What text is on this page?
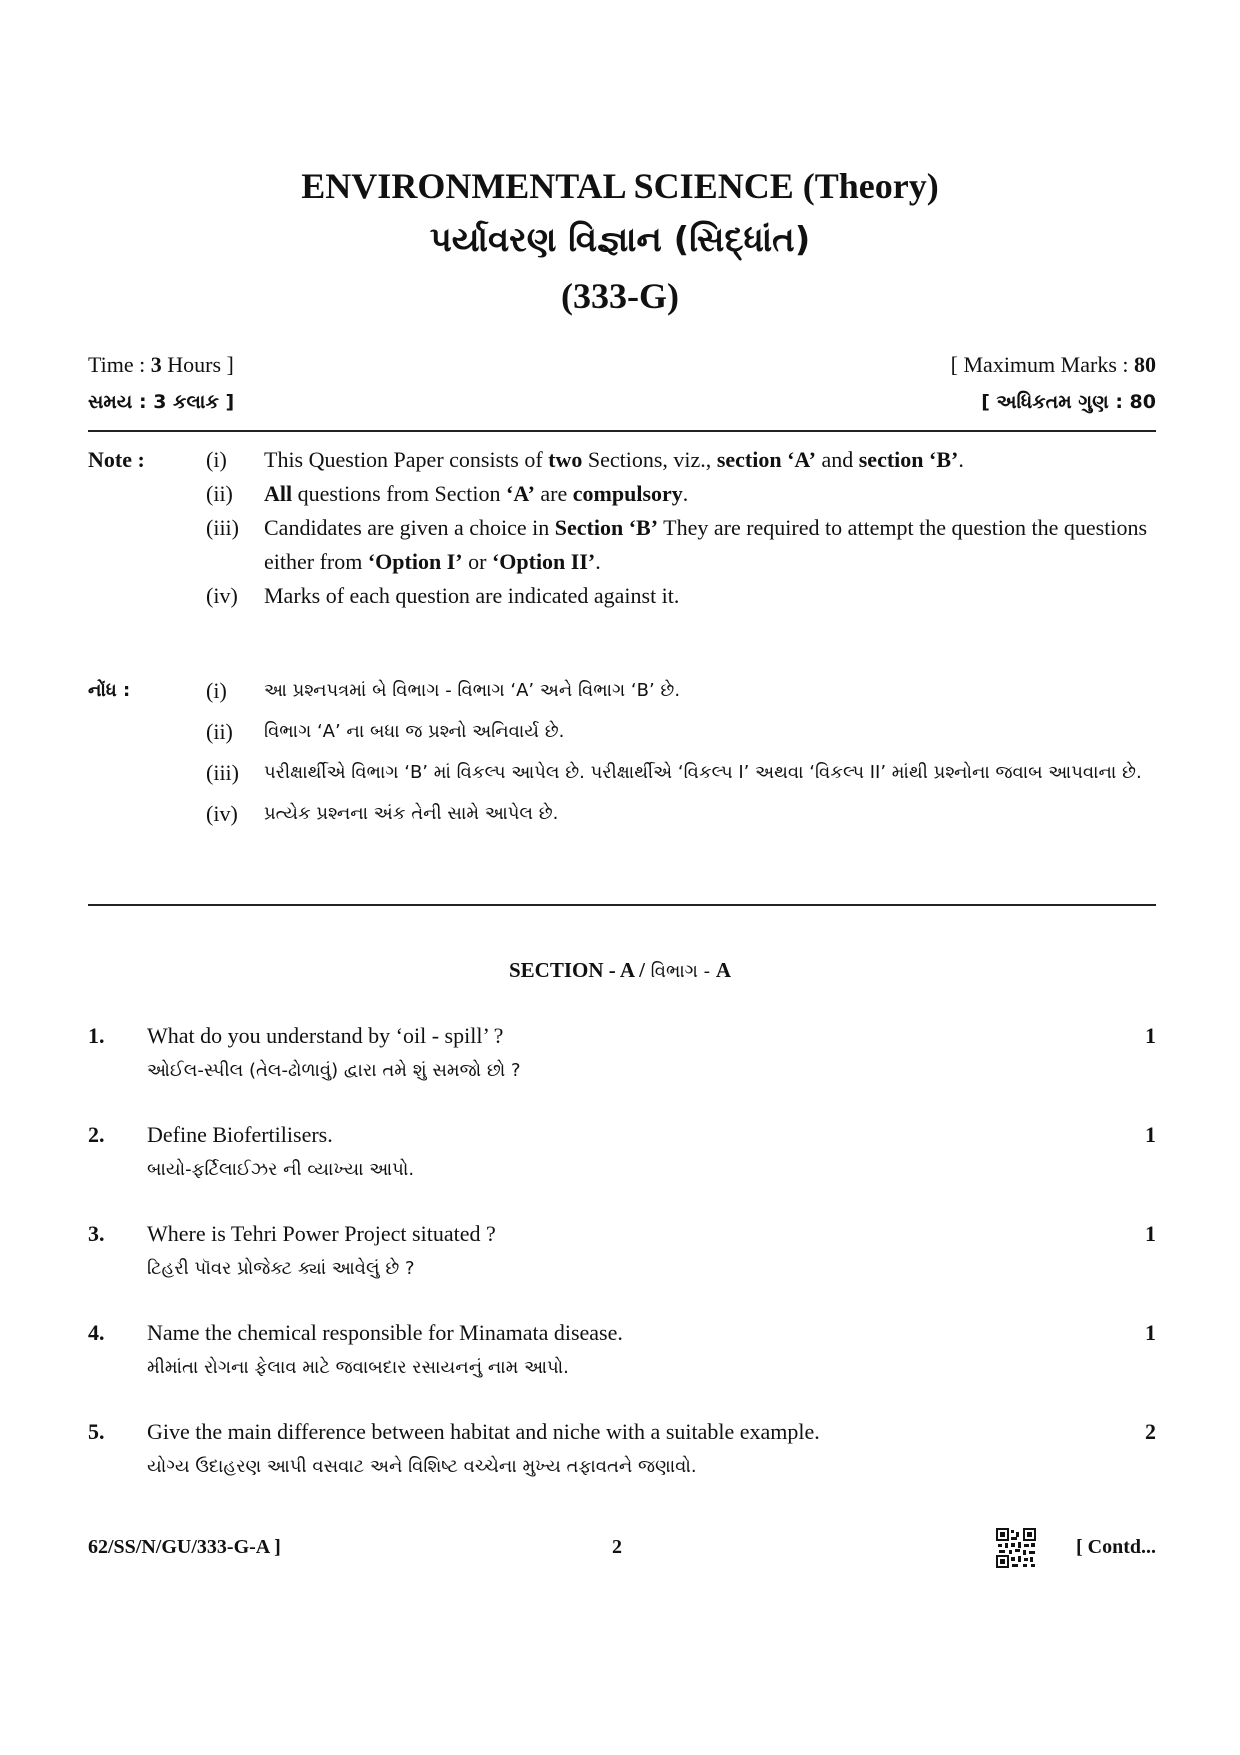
ENVIRONMENTAL SCIENCE (Theory)
પર્યાવરણ વિજ્ઞાન (સિદ્ધાંત)
(333-G)
Time : 3 Hours ]	[ Maximum Marks : 80
સમય : 3 કલાક ]	[ અધિકતમ ગુણ : 80
Note :	(i)	This Question Paper consists of two Sections, viz., section ‘A’ and section ‘B’.
(ii)	All questions from Section ‘A’ are compulsory.
(iii)	Candidates are given a choice in Section ‘B’ They are required to attempt the question the questions either from ‘Option I’ or ‘Option II’.
(iv)	Marks of each question are indicated against it.
નોંધ :	(i)	આ પ્રશ્નપત્રમાં બે વિભાગ - વિભાગ ‘A’ અને વિભાગ ‘B’ છે.
(ii)	વિભાગ ‘A’ ના બધા જ પ્રશ્નો અનિવાર્ય છે.
(iii)	પરીક્ષાર્થીએ વિભાગ ‘B’ માં વિકલ્પ આપેલ છે. પરીક્ષાર્થીએ ‘વિકલ્પ I’ અથવા ‘વિકલ્પ II’ માંથી પ્રશ્નોના જવાબ આપવાના છે.
(iv)	પ્રત્યેક પ્રશ્નના અંક તેની સામે આપેલ છે.
SECTION - A / વિભાગ - A
1.	What do you understand by ‘oil - spill’ ?	1
ઓઈલ-સ્પીલ (તેલ-ઢોળાવું) દ્વારા તમે શું સમજો છો ?
2.	Define Biofertilisers.	1
બાયો-ફર્ટિલાઈઝર ની વ્યાખ્યા આપો.
3.	Where is Tehri Power Project situated ?	1
ટિહરી પૉવર પ્રોજેક્ટ ક્યાં આવેલું છે ?
4.	Name the chemical responsible for Minamata disease.	1
મીમાંતા રોગના ફેલાવ માટે જવાબદાર રસાયનનું નામ આપો.
5.	Give the main difference between habitat and niche with a suitable example.	2
યોગ્ય ઉદાહરણ આપી વસવાટ અને વિશિષ્ટ વચ્ચેના મુખ્ય તફાવતને જણાવો.
62/SS/N/GU/333-G-A ]	2	[ Contd...
